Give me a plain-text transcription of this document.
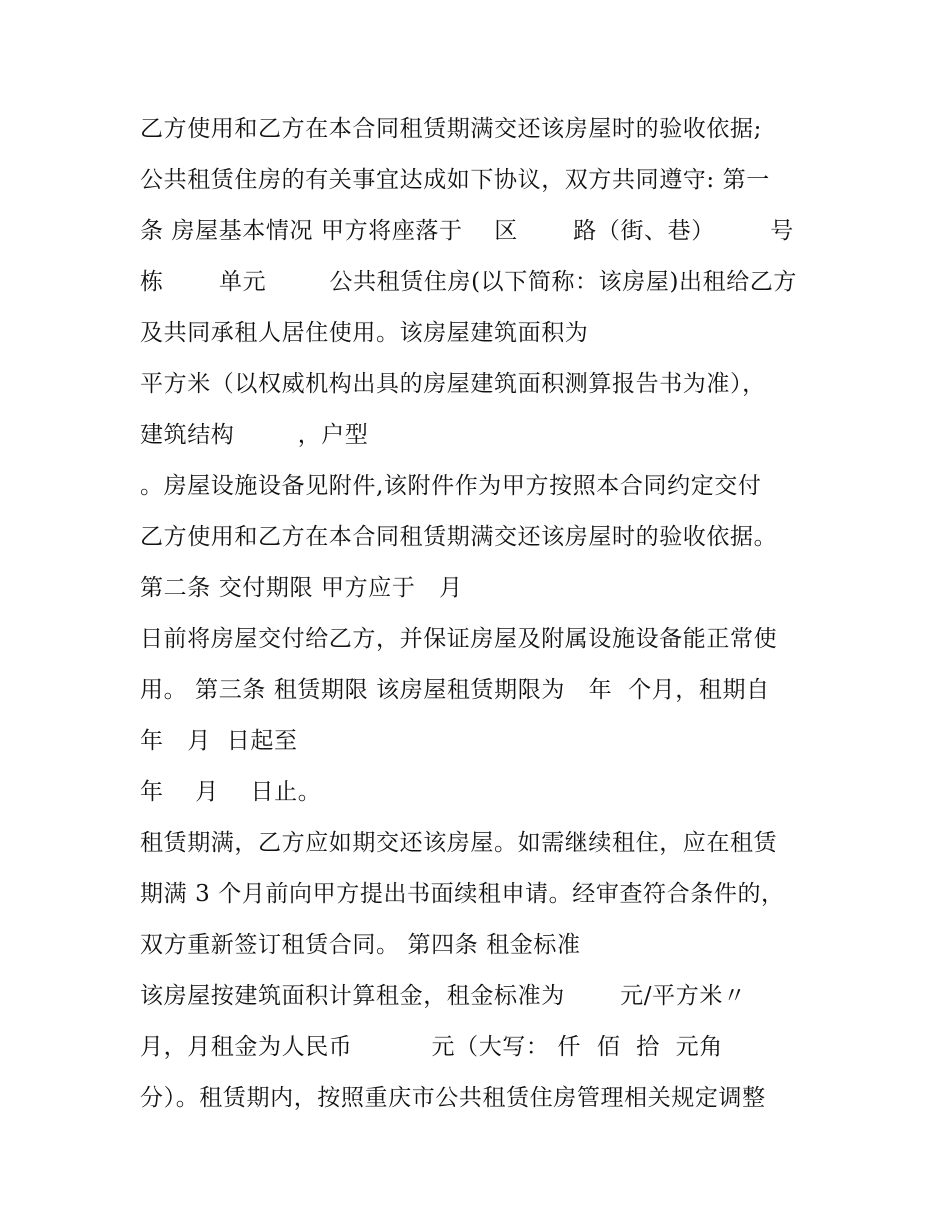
乙方使用和乙方在本合同租赁期满交还该房屋时的验收依据;
公共租赁住房的有关事宜达成如下协议，双方共同遵守: 第一
条 房屋基本情况 甲方将座落于    区       路（街、巷）       号
栋       单元        公共租赁住房(以下简称：该房屋)出租给乙方
及共同承租人居住使用。该房屋建筑面积为
平方米（以权威机构出具的房屋建筑面积测算报告书为准），
建筑结构        ，户型
。房屋设施设备见附件,该附件作为甲方按照本合同约定交付
乙方使用和乙方在本合同租赁期满交还该房屋时的验收依据。
第二条 交付期限 甲方应于   月
日前将房屋交付给乙方，并保证房屋及附属设施设备能正常使
用。 第三条 租赁期限 该房屋租赁期限为   年  个月，租期自
年   月  日起至
年    月    日止。
租赁期满，乙方应如期交还该房屋。如需继续租住，应在租赁
期满 3 个月前向甲方提出书面续租申请。经审查符合条件的，
双方重新签订租赁合同。 第四条 租金标准
该房屋按建筑面积计算租金，租金标准为       元/平方米〃
月，月租金为人民币          元（大写： 仟  佰  拾  元角
分）。租赁期内，按照重庆市公共租赁住房管理相关规定调整
